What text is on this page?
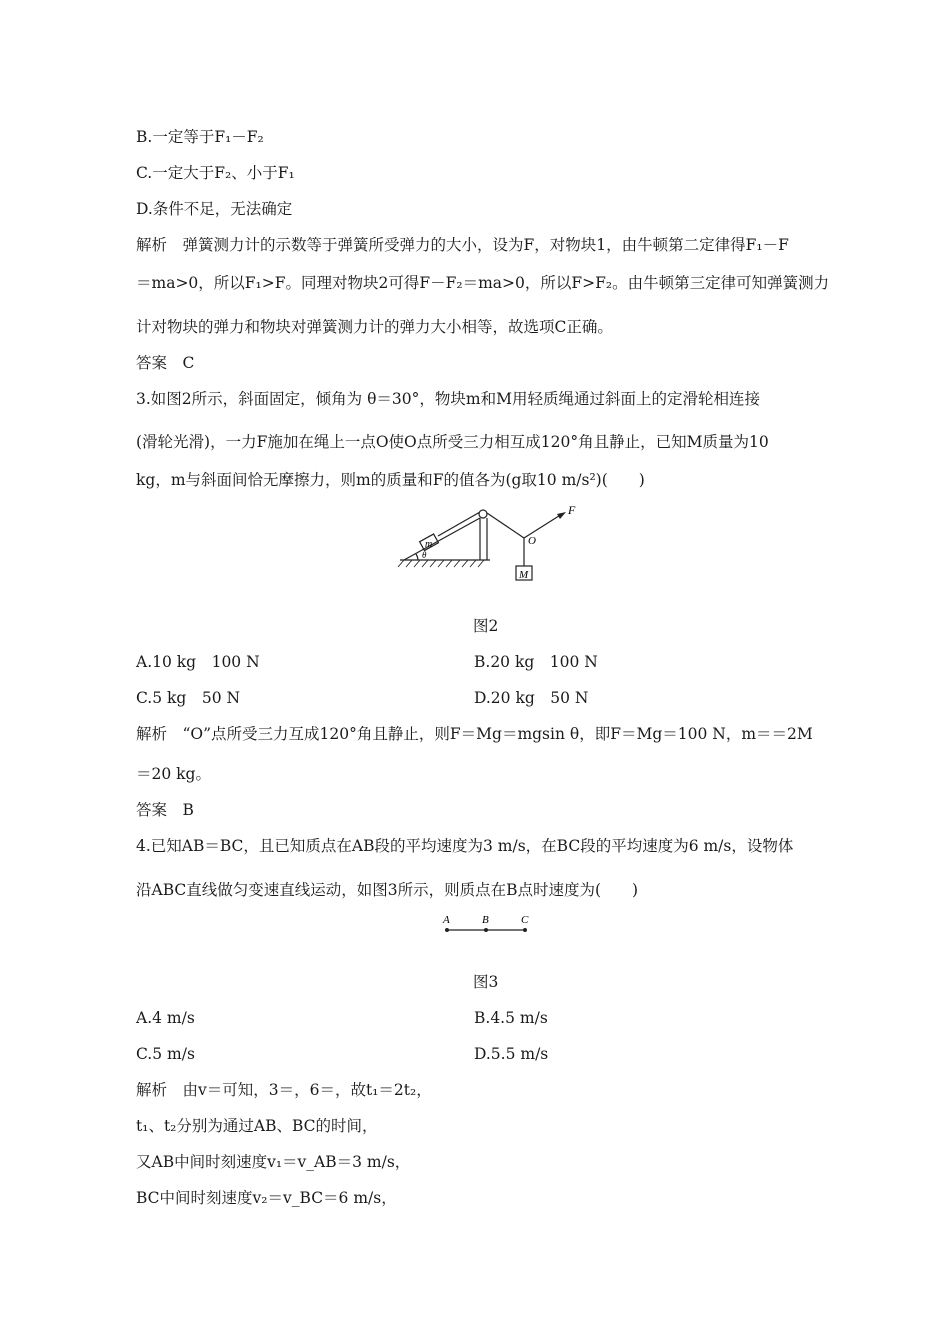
B.一定等于F₁－F₂
C.一定大于F₂、小于F₁
D.条件不足，无法确定
解析　弹簧测力计的示数等于弹簧所受弹力的大小，设为F，对物块1，由牛顿第二定律得F₁－F
＝ma>0，所以F₁>F。同理对物块2可得F－F₂＝ma>0，所以F>F₂。由牛顿第三定律可知弹簧测力
计对物块的弹力和物块对弹簧测力计的弹力大小相等，故选项C正确。
答案　C
3.如图2所示，斜面固定，倾角为 θ＝30°，物块m和M用轻质绳通过斜面上的定滑轮相连接
(滑轮光滑)，一力F施加在绳上一点O使O点所受三力相互成120°角且静止，已知M质量为10
kg，m与斜面间恰无摩擦力，则m的质量和F的值各为(g取10 m/s²)(　　)
m
θ
F
O
M
图2
A.10 kg　100 N	B.20 kg　100 N
C.5 kg　50 N	D.20 kg　50 N
解析　“O”点所受三力互成120°角且静止，则F＝Mg＝mgsin θ，即F＝Mg＝100 N，m＝＝2M
＝20 kg。
答案　B
4.已知AB＝BC，且已知质点在AB段的平均速度为3 m/s，在BC段的平均速度为6 m/s，设物体
沿ABC直线做匀变速直线运动，如图3所示，则质点在B点时速度为(　　)
A	B	C
图3
A.4 m/s	B.4.5 m/s
C.5 m/s	D.5.5 m/s
解析　由v＝可知，3＝，6＝，故t₁＝2t₂，
t₁、t₂分别为通过AB、BC的时间，
又AB中间时刻速度v₁＝v_AB＝3 m/s，
BC中间时刻速度v₂＝v_BC＝6 m/s，
